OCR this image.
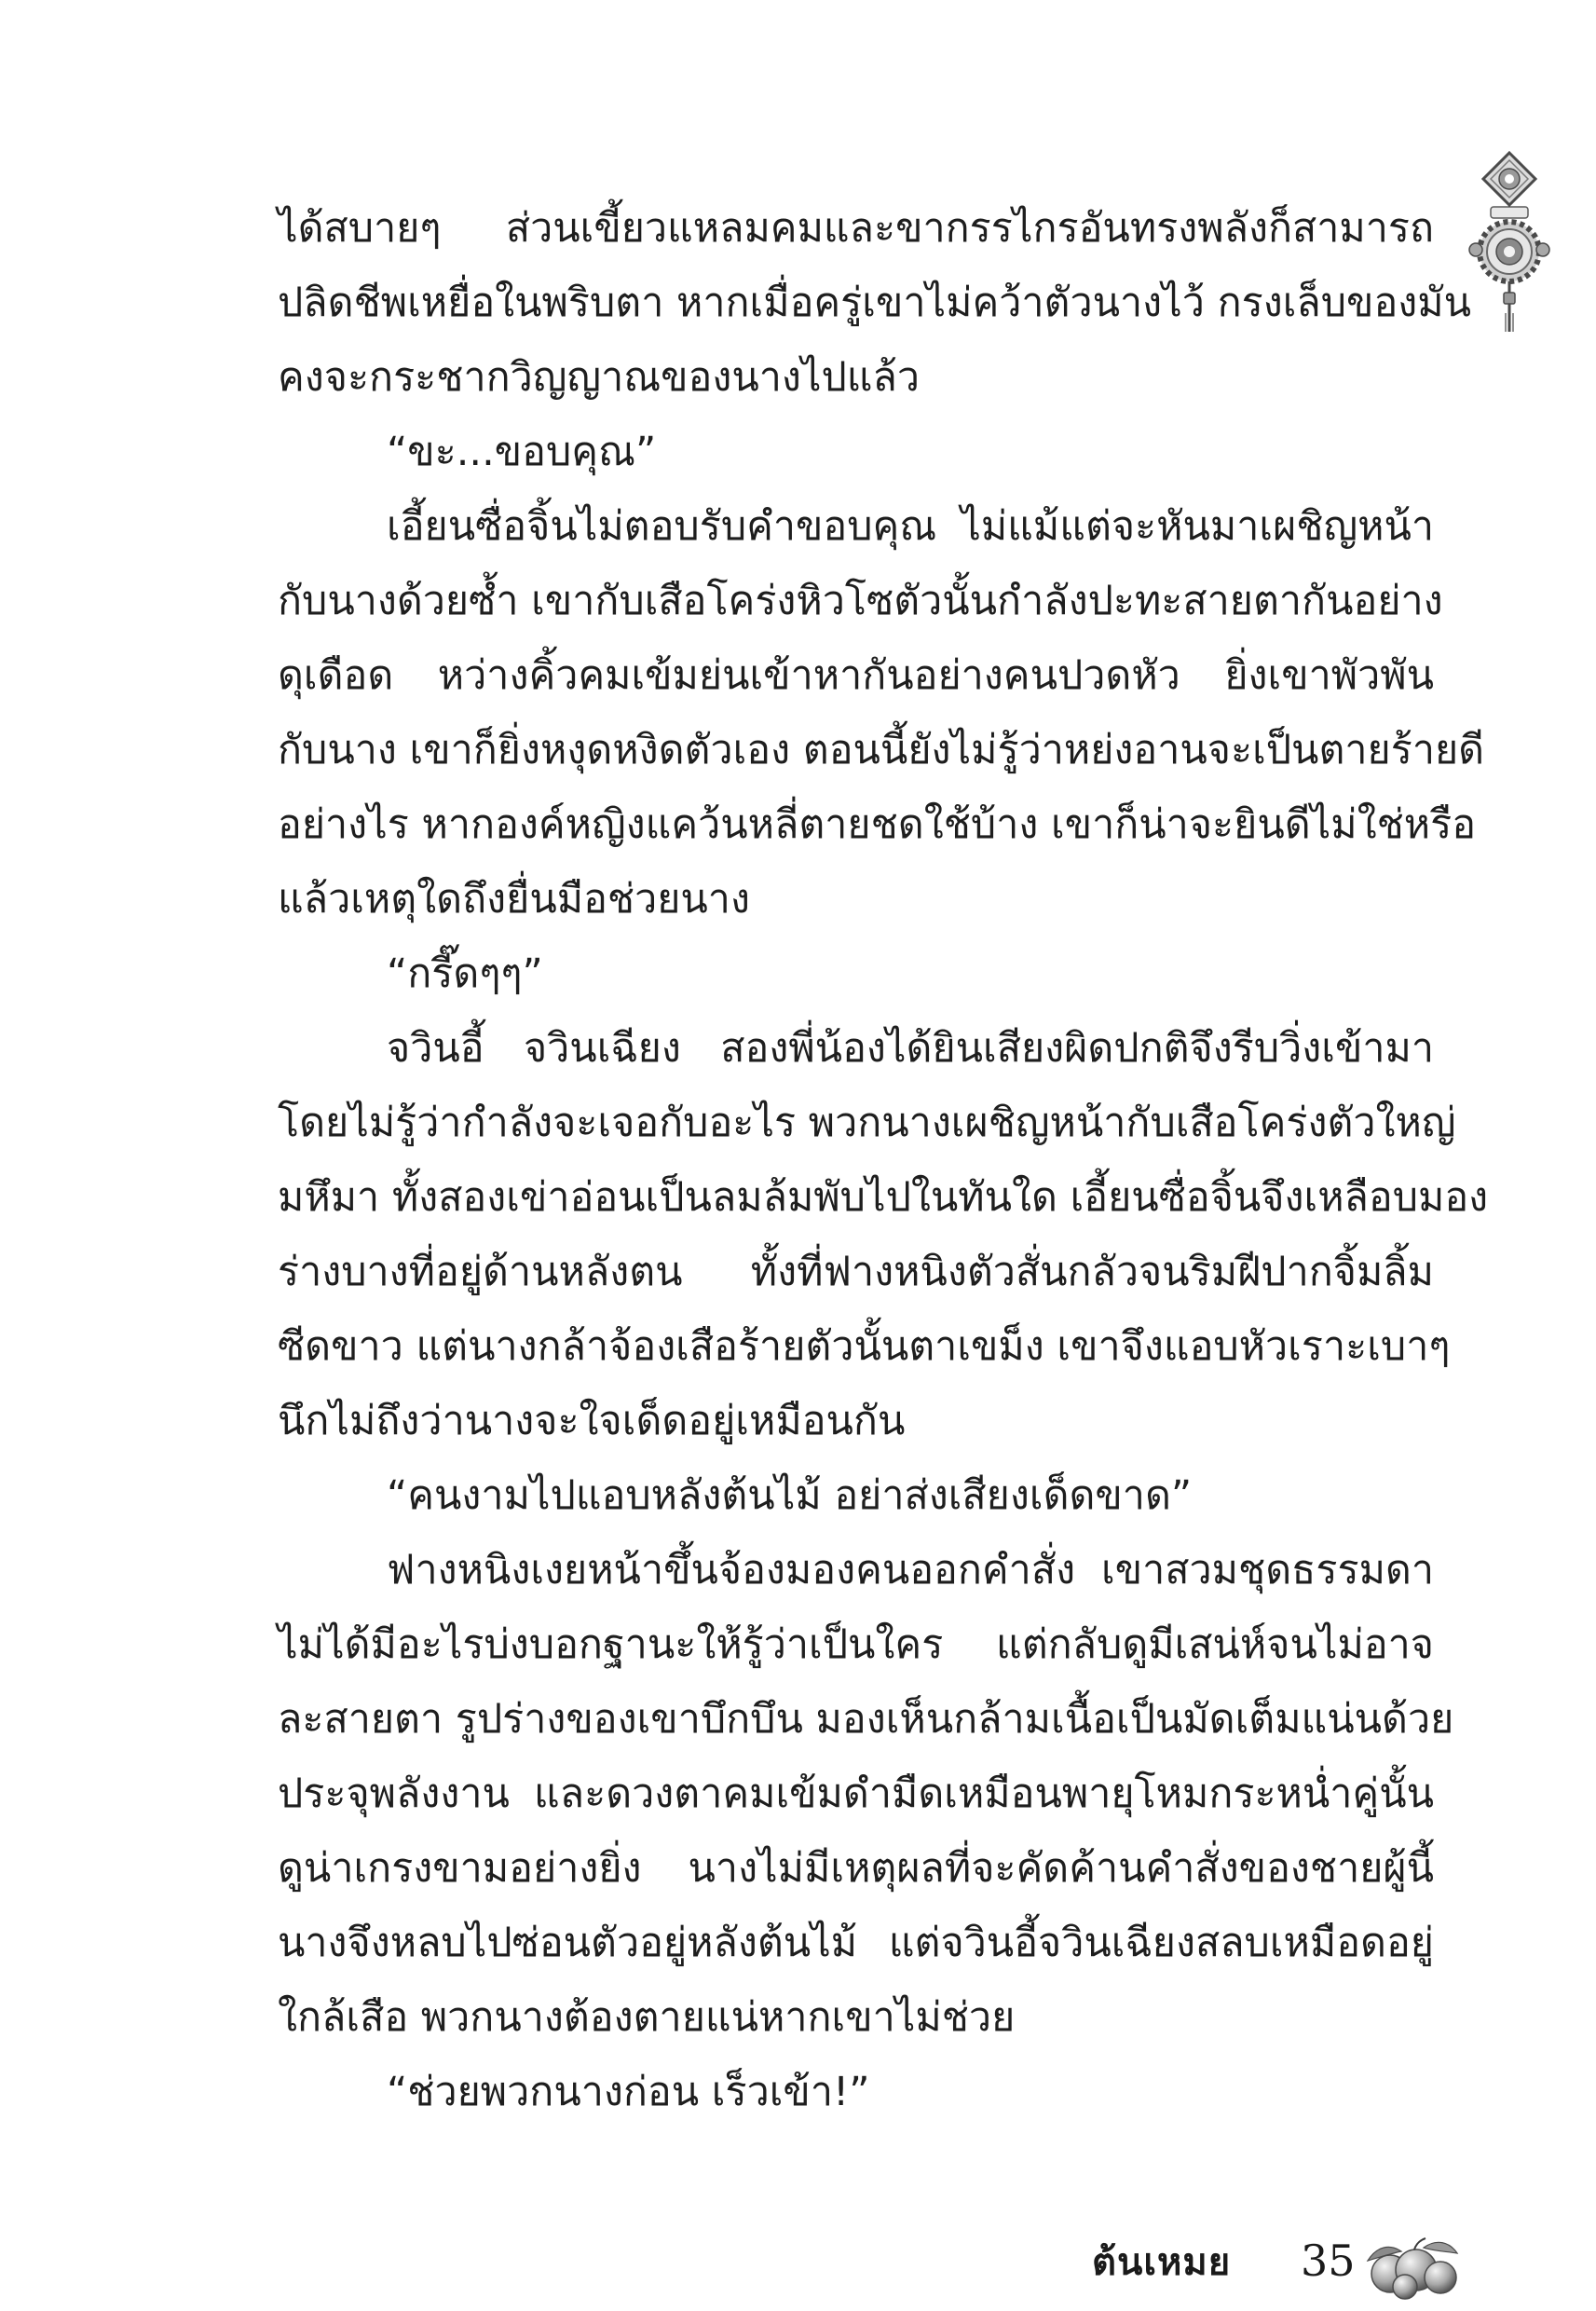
ได้สบายๆ ส่วนเขี้ยวแหลมคมและขากรรไกรอันทรงพลังก็สามารถ
ปลิดชีพเหยื่อในพริบตา หากเมื่อครู่เขาไม่คว้าตัวนางไว้ กรงเล็บของมัน
คงจะกระชากวิญญาณของนางไปแล้ว
“ขะ...ขอบคุณ”
เอี้ยนซื่อจิ้นไม่ตอบรับคำขอบคุณ ไม่แม้แต่จะหันมาเผชิญหน้า
กับนางด้วยซ้ำ เขากับเสือโคร่งหิวโซตัวนั้นกำลังปะทะสายตากันอย่าง
ดุเดือด หว่างคิ้วคมเข้มย่นเข้าหากันอย่างคนปวดหัว ยิ่งเขาพัวพัน
กับนาง เขาก็ยิ่งหงุดหงิดตัวเอง ตอนนี้ยังไม่รู้ว่าหย่งอานจะเป็นตายร้ายดี
อย่างไร หากองค์หญิงแคว้นหลี่ตายชดใช้บ้าง เขาก็น่าจะยินดีไม่ใช่หรือ
แล้วเหตุใดถึงยื่นมือช่วยนาง
“กรี๊ดๆๆ”
จวินอี้ จวินเฉียง สองพี่น้องได้ยินเสียงผิดปกติจึงรีบวิ่งเข้ามา
โดยไม่รู้ว่ากำลังจะเจอกับอะไร พวกนางเผชิญหน้ากับเสือโคร่งตัวใหญ่
มหึมา ทั้งสองเข่าอ่อนเป็นลมล้มพับไปในทันใด เอี้ยนซื่อจิ้นจึงเหลือบมอง
ร่างบางที่อยู่ด้านหลังตน ทั้งที่ฟางหนิงตัวสั่นกลัวจนริมฝีปากจิ้มลิ้ม
ซีดขาว แต่นางกล้าจ้องเสือร้ายตัวนั้นตาเขม็ง เขาจึงแอบหัวเราะเบาๆ
นึกไม่ถึงว่านางจะใจเด็ดอยู่เหมือนกัน
“คนงามไปแอบหลังต้นไม้ อย่าส่งเสียงเด็ดขาด”
ฟางหนิงเงยหน้าขึ้นจ้องมองคนออกคำสั่ง เขาสวมชุดธรรมดา
ไม่ได้มีอะไรบ่งบอกฐานะให้รู้ว่าเป็นใคร แต่กลับดูมีเสน่ห์จนไม่อาจ
ละสายตา รูปร่างของเขาบึกบึน มองเห็นกล้ามเนื้อเป็นมัดเต็มแน่นด้วย
ประจุพลังงาน และดวงตาคมเข้มดำมืดเหมือนพายุโหมกระหน่ำคู่นั้น
ดูน่าเกรงขามอย่างยิ่ง นางไม่มีเหตุผลที่จะคัดค้านคำสั่งของชายผู้นี้
นางจึงหลบไปซ่อนตัวอยู่หลังต้นไม้ แต่จวินอี้จวินเฉียงสลบเหมือดอยู่
ใกล้เสือ พวกนางต้องตายแน่หากเขาไม่ช่วย
“ช่วยพวกนางก่อน เร็วเข้า!”
ต้นเหมย 35
